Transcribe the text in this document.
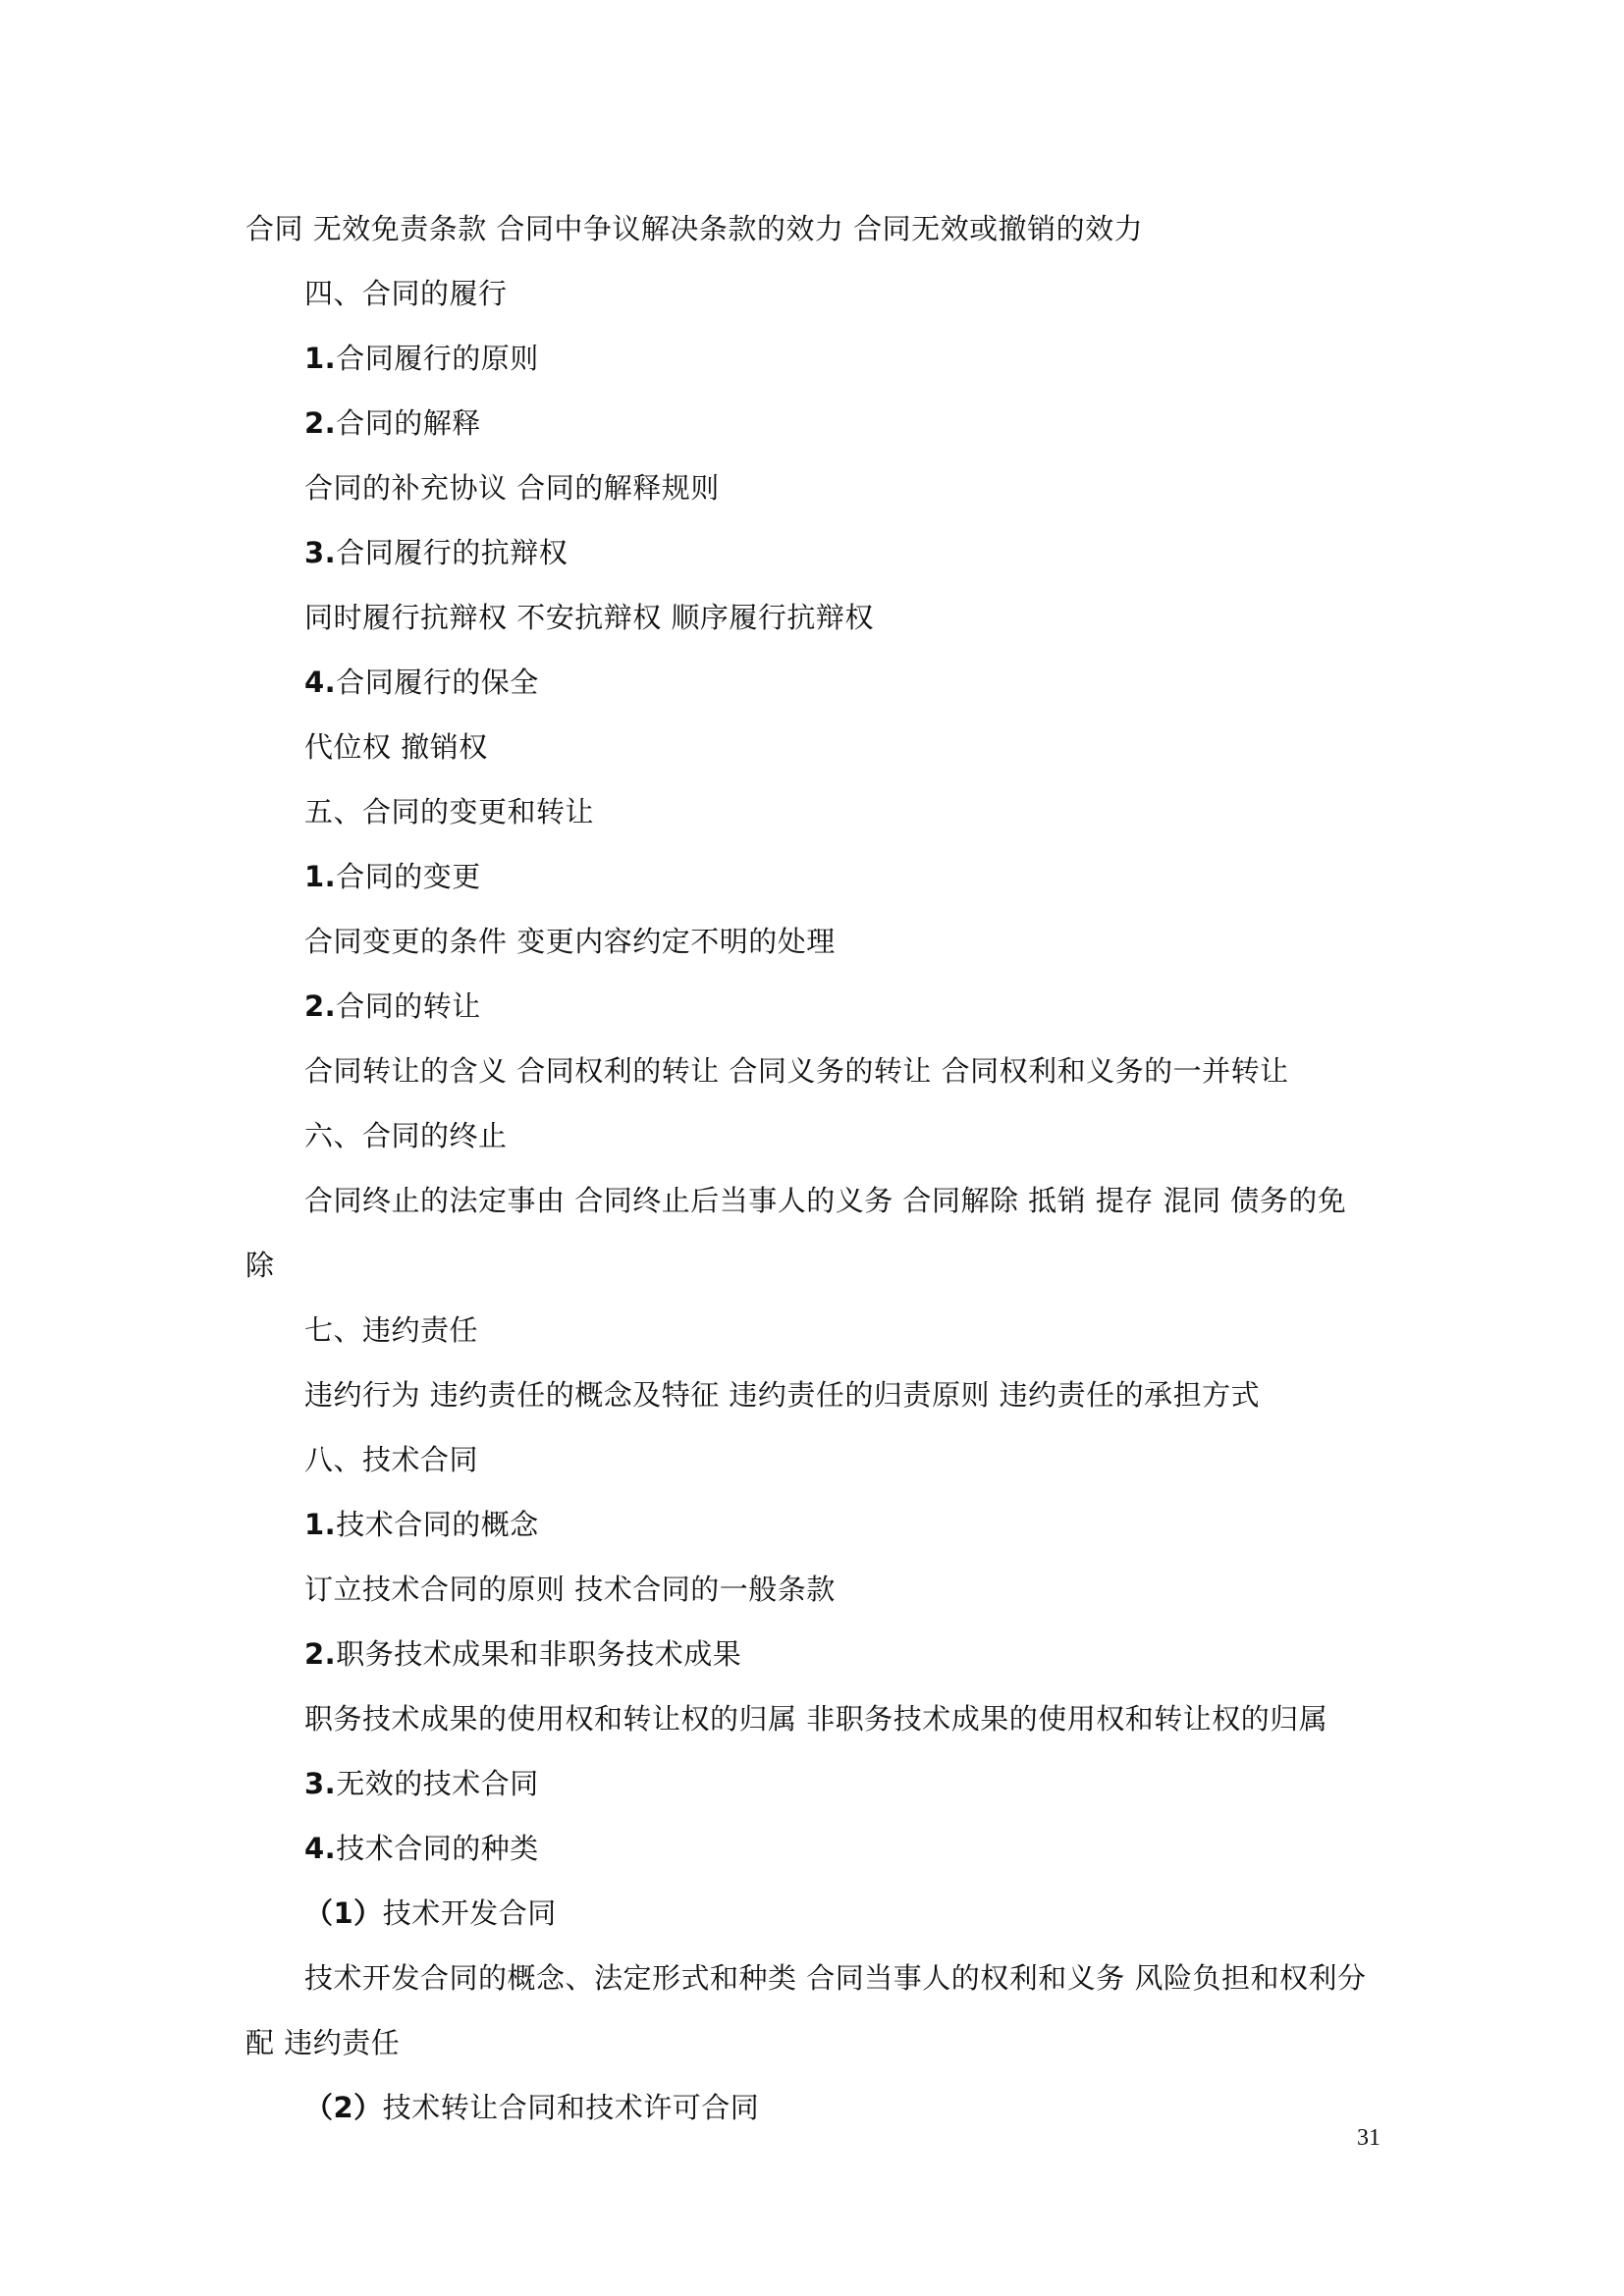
合同 无效免责条款 合同中争议解决条款的效力 合同无效或撤销的效力
四、合同的履行
1.合同履行的原则
2.合同的解释
合同的补充协议 合同的解释规则
3.合同履行的抗辩权
同时履行抗辩权 不安抗辩权 顺序履行抗辩权
4.合同履行的保全
代位权 撤销权
五、合同的变更和转让
1.合同的变更
合同变更的条件 变更内容约定不明的处理
2.合同的转让
合同转让的含义 合同权利的转让 合同义务的转让 合同权利和义务的一并转让
六、合同的终止
合同终止的法定事由 合同终止后当事人的义务 合同解除 抵销 提存 混同 债务的免
除
七、违约责任
违约行为 违约责任的概念及特征 违约责任的归责原则 违约责任的承担方式
八、技术合同
1.技术合同的概念
订立技术合同的原则 技术合同的一般条款
2.职务技术成果和非职务技术成果
职务技术成果的使用权和转让权的归属 非职务技术成果的使用权和转让权的归属
3.无效的技术合同
4.技术合同的种类
（1）技术开发合同
技术开发合同的概念、法定形式和种类 合同当事人的权利和义务 风险负担和权利分
配 违约责任
（2）技术转让合同和技术许可合同
31
